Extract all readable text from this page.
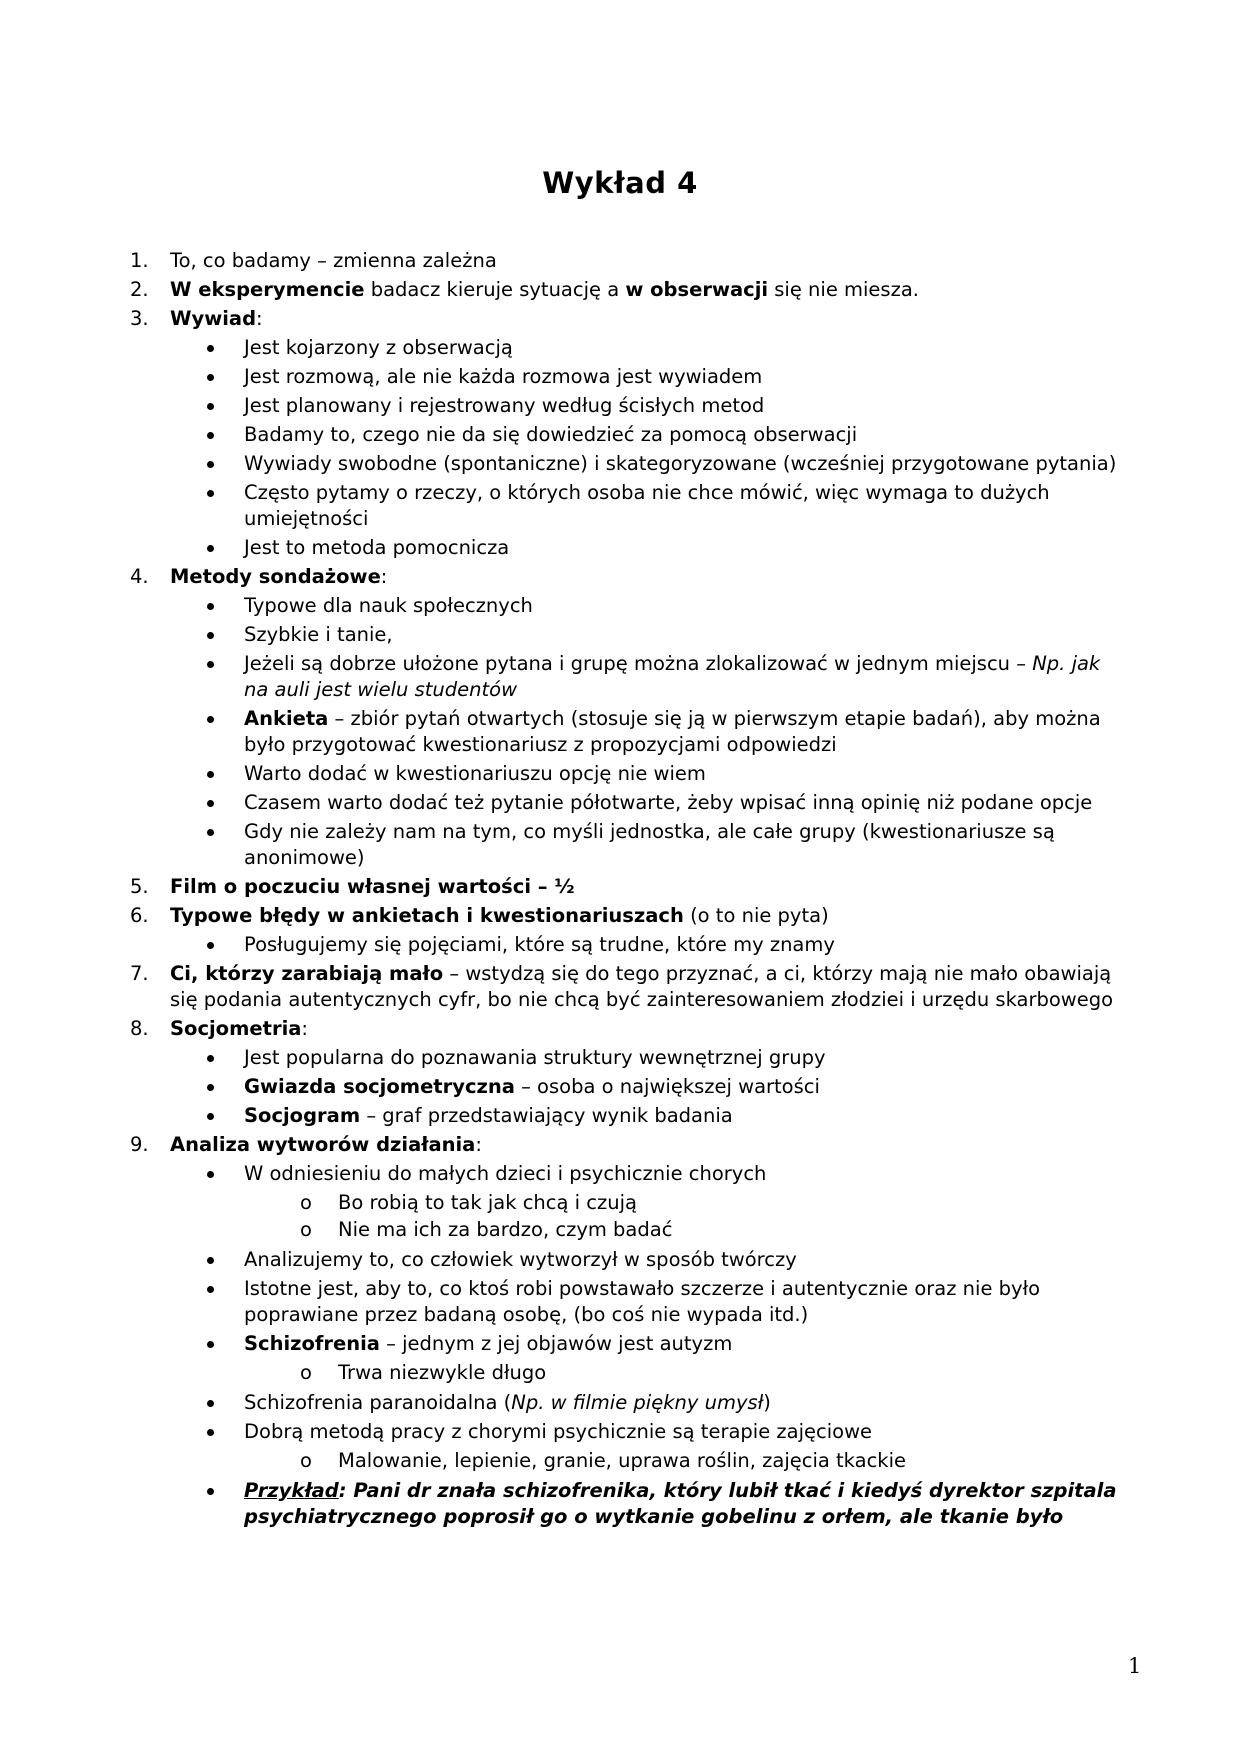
Wykład 4
1. To, co badamy – zmienna zależna
2. W eksperymencie badacz kieruje sytuację a w obserwacji się nie miesza.
3. Wywiad:
Jest kojarzony z obserwacją
Jest rozmową, ale nie każda rozmowa jest wywiadem
Jest planowany i rejestrowany według ścisłych metod
Badamy to, czego nie da się dowiedzieć za pomocą obserwacji
Wywiady swobodne (spontaniczne) i skategoryzowane (wcześniej przygotowane pytania)
Często pytamy o rzeczy, o których osoba nie chce mówić, więc wymaga to dużych umiejętności
Jest to metoda pomocnicza
4. Metody sondażowe:
Typowe dla nauk społecznych
Szybkie i tanie,
Jeżeli są dobrze ułożone pytana i grupę można zlokalizować w jednym miejscu – Np. jak na auli jest wielu studentów
Ankieta – zbiór pytań otwartych (stosuje się ją w pierwszym etapie badań), aby można było przygotować kwestionariusz z propozycjami odpowiedzi
Warto dodać w kwestionariuszu opcję nie wiem
Czasem warto dodać też pytanie półotwarte, żeby wpisać inną opinię niż podane opcje
Gdy nie zależy nam na tym, co myśli jednostka, ale całe grupy (kwestionariusze są anonimowe)
5. Film o poczuciu własnej wartości – ½
6. Typowe błędy w ankietach i kwestionariuszach (o to nie pyta)
Posługujemy się pojęciami, które są trudne, które my znamy
7. Ci, którzy zarabiają mało – wstydzą się do tego przyznać, a ci, którzy mają nie mało obawiają się podania autentycznych cyfr, bo nie chcą być zainteresowaniem złodziei i urzędu skarbowego
8. Socjometria:
Jest popularna do poznawania struktury wewnętrznej grupy
Gwiazda socjometryczna – osoba o największej wartości
Socjogram – graf przedstawiający wynik badania
9. Analiza wytworów działania:
W odniesieniu do małych dzieci i psychicznie chorych
o Bo robią to tak jak chcą i czują
o Nie ma ich za bardzo, czym badać
Analizujemy to, co człowiek wytworzył w sposób twórczy
Istotne jest, aby to, co ktoś robi powstawało szczerze i autentycznie oraz nie było poprawiane przez badaną osobę, (bo coś nie wypada itd.)
Schizofrenia – jednym z jej objawów jest autyzm
o Trwa niezwykle długo
Schizofrenia paranoidalna (Np. w filmie piękny umysł)
Dobrą metodą pracy z chorymi psychicznie są terapie zajęciowe
o Malowanie, lepienie, granie, uprawa roślin, zajęcia tkackie
Przykład: Pani dr znała schizofrenika, który lubił tkać i kiedyś dyrektor szpitala psychiatrycznego poprosił go o wytkanie gobelinu z orłem, ale tkanie było
1
